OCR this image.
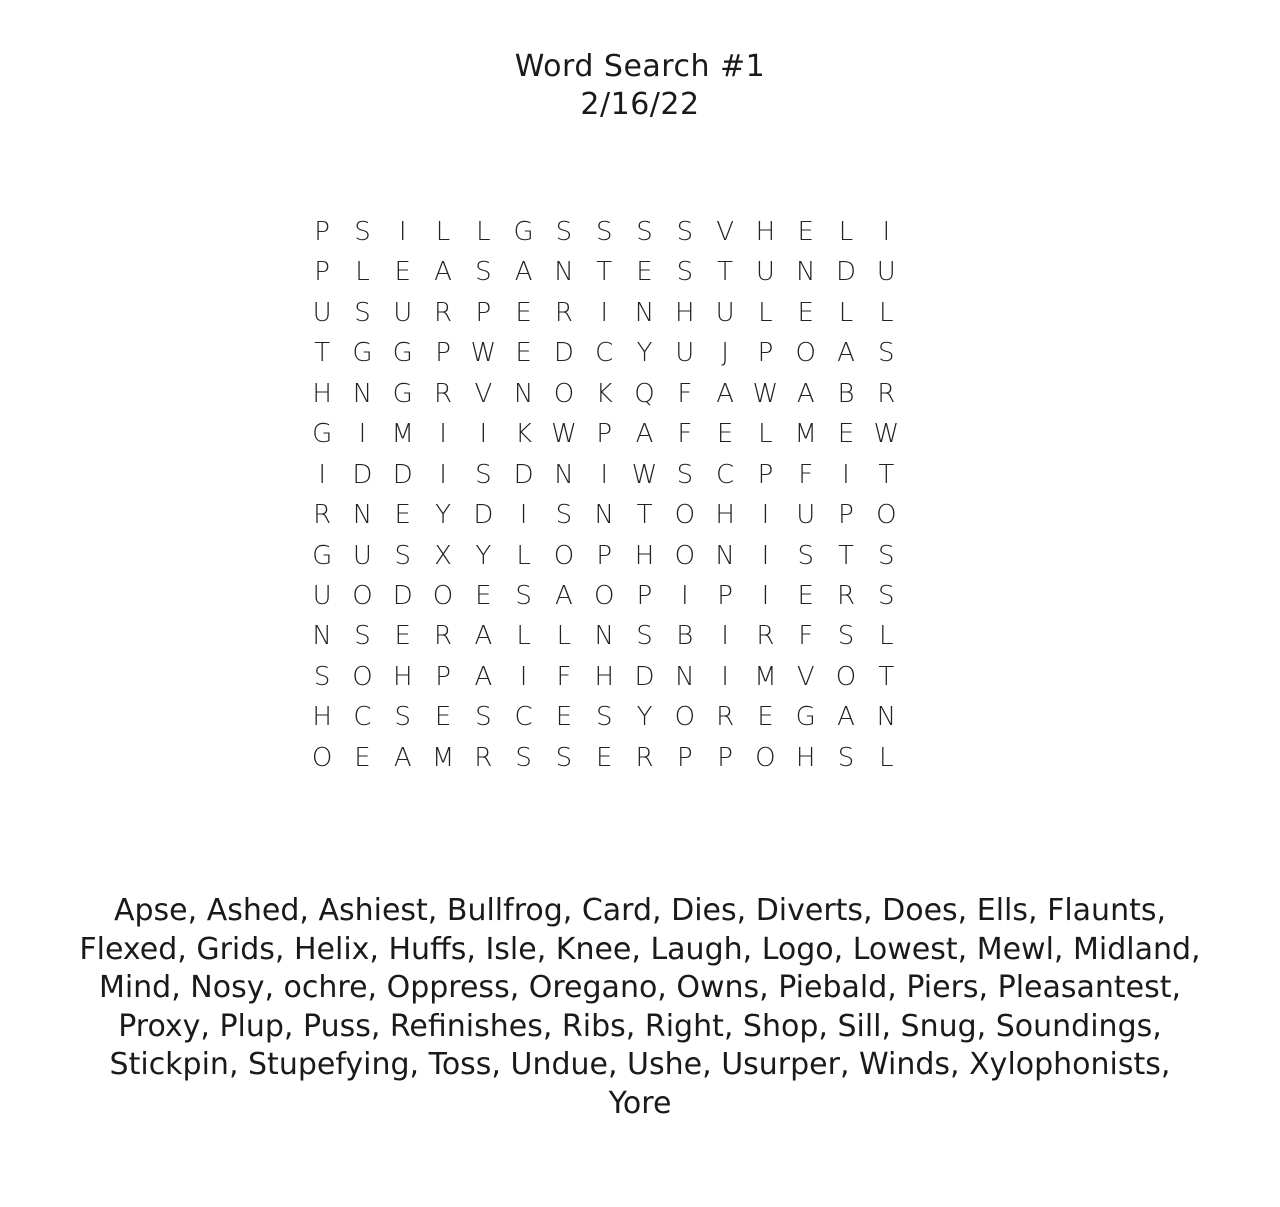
Word Search #1
2/16/22
P S	I	L L G S S S S V H E L	I
P L E A S A N T E S T U N D U
U S U R P E R	I	N H U L E L L
T G G P W E D C Y U	J	P O A S
H N G R V N O K Q F A W A B R
G	I M I	I	K W P A F E L M E W
I	D D	I	S D N	I W S C P F	I	T
R N E Y D	I	S N T O H	I	U P O
G U S X Y L O P H O N	I	S T S
U O D O E S A O P	I	P	I	E R S
N S E R A L L N S B	I	R F S L
S O H P A	I	F H D N	I M V O T
H C S E S C E S Y O R E G A N
O E A M R S S E R P P O H S L
Apse, Ashed, Ashiest, Bullfrog, Card, Dies, Diverts, Does, Ells, Flaunts,
Flexed, Grids, Helix, Huffs, Isle, Knee, Laugh, Logo, Lowest, Mewl, Midland,
Mind, Nosy, ochre, Oppress, Oregano, Owns, Piebald, Piers, Pleasantest,
Proxy, Plup, Puss, Refinishes, Ribs, Right, Shop, Sill, Snug, Soundings,
Stickpin, Stupefying, Toss, Undue, Ushe, Usurper, Winds, Xylophonists,
Yore
